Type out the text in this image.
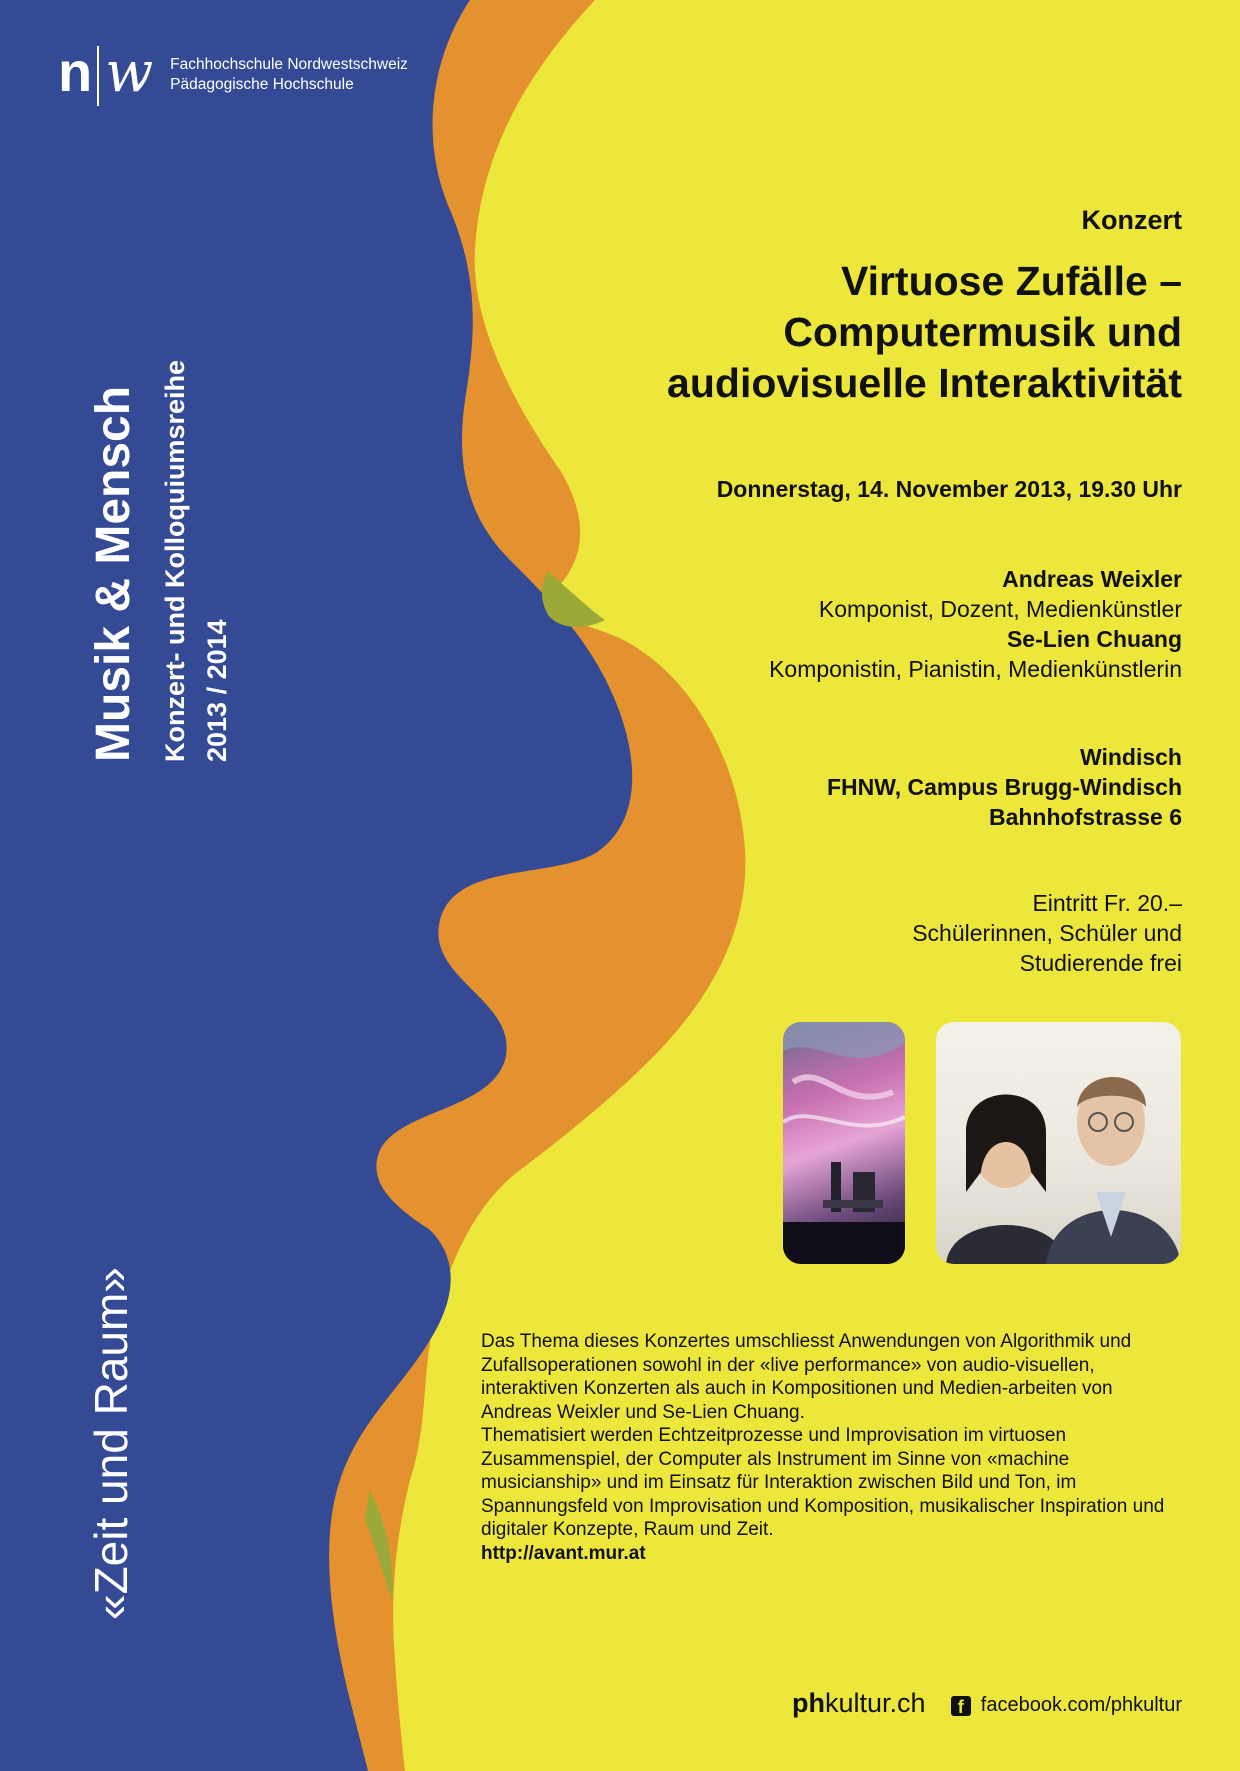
n w Fachhochschule Nordwestschweiz
Pädagogische Hochschule
Musik & Mensch Konzert- und Kolloquiumsreihe 2013 / 2014
«Zeit und Raum»
Konzert
Virtuose Zufälle –
Computermusik und
audiovisuelle Interaktivität
Donnerstag, 14. November 2013, 19.30 Uhr
Andreas Weixler
Komponist, Dozent, Medienkünstler
Se-Lien Chuang
Komponistin, Pianistin, Medienkünstlerin
Windisch
FHNW, Campus Brugg-Windisch
Bahnhofstrasse 6
Eintritt Fr. 20.–
Schülerinnen, Schüler und
Studierende frei

Das Thema dieses Konzertes umschliesst Anwendungen von Algorithmik und Zufallsoperationen sowohl in der «live performance» von audio-visuellen, interaktiven Konzerten als auch in Kompositionen und Medien-arbeiten von Andreas Weixler und Se-Lien Chuang.

Thematisiert werden Echtzeitprozesse und Improvisation im virtuosen Zusammenspiel, der Computer als Instrument im Sinne von «machine musicianship» und im Einsatz für Interaktion zwischen Bild und Ton, im Spannungsfeld von Improvisation und Komposition, musikalischer Inspiration und digitaler Konzepte, Raum und Zeit.

http://avant.mur.at

phkultur.ch	f facebook.com/phkultur
